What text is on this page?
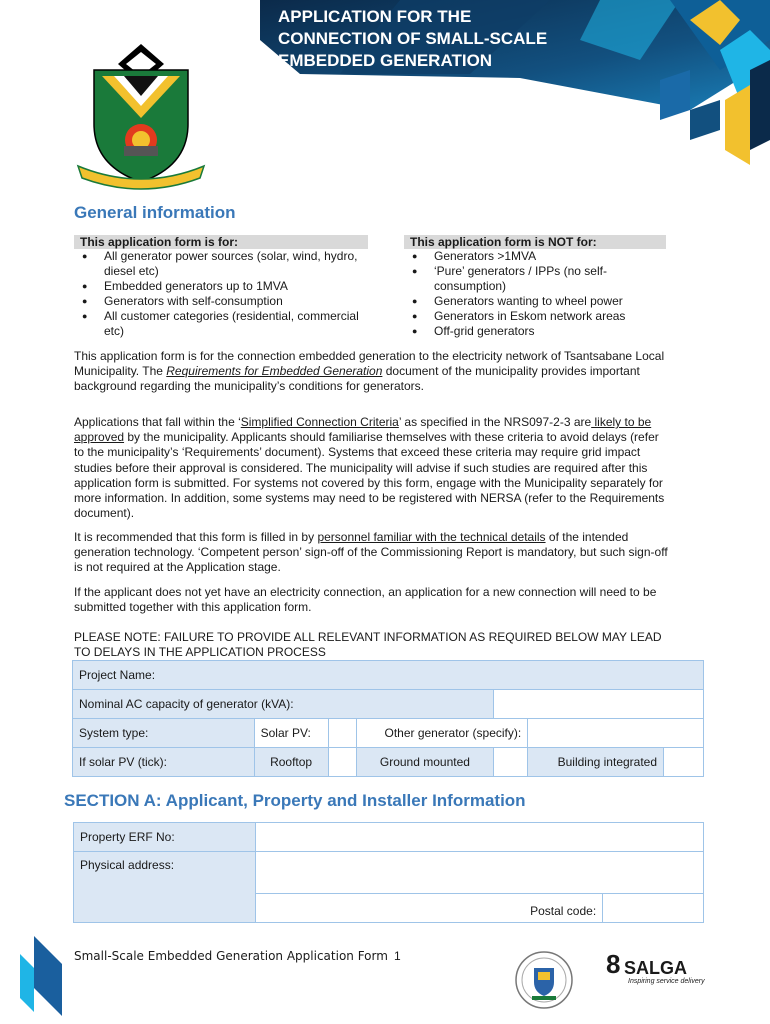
APPLICATION FOR THE
CONNECTION OF SMALL-SCALE
EMBEDDED GENERATION
General information
This application form is for:
● All generator power sources (solar, wind, hydro, diesel etc)
● Embedded generators up to 1MVA
● Generators with self-consumption
● All customer categories (residential, commercial etc)
This application form is NOT for:
● Generators >1MVA
● ‘Pure’ generators / IPPs (no self-consumption)
● Generators wanting to wheel power
● Generators in Eskom network areas
● Off-grid generators
This application form is for the connection embedded generation to the electricity network of Tsantsabane Local Municipality. The Requirements for Embedded Generation document of the municipality provides important background regarding the municipality’s conditions for generators.
Applications that fall within the ‘Simplified Connection Criteria’ as specified in the NRS097-2-3 are likely to be approved by the municipality. Applicants should familiarise themselves with these criteria to avoid delays (refer to the municipality’s ‘Requirements’ document). Systems that exceed these criteria may require grid impact studies before their approval is considered. The municipality will advise if such studies are required after this application form is submitted. For systems not covered by this form, engage with the Municipality separately for more information. In addition, some systems may need to be registered with NERSA (refer to the Requirements document).
It is recommended that this form is filled in by personnel familiar with the technical details of the intended generation technology. ‘Competent person’ sign-off of the Commissioning Report is mandatory, but such sign-off is not required at the Application stage.
If the applicant does not yet have an electricity connection, an application for a new connection will need to be submitted together with this application form.
PLEASE NOTE: FAILURE TO PROVIDE ALL RELEVANT INFORMATION AS REQUIRED BELOW MAY LEAD TO DELAYS IN THE APPLICATION PROCESS
Project Name:						
Nominal AC capacity of generator (kVA):						
System type:	Solar PV:		Other generator (specify):			
If solar PV (tick):	Rooftop		Ground mounted		Building integrated	
SECTION A: Applicant, Property and Installer Information
Property ERF No:		
Physical address:		
	Postal code:	
Small-Scale Embedded Generation Application Form 1	8 SALGA
Inspiring service delivery
